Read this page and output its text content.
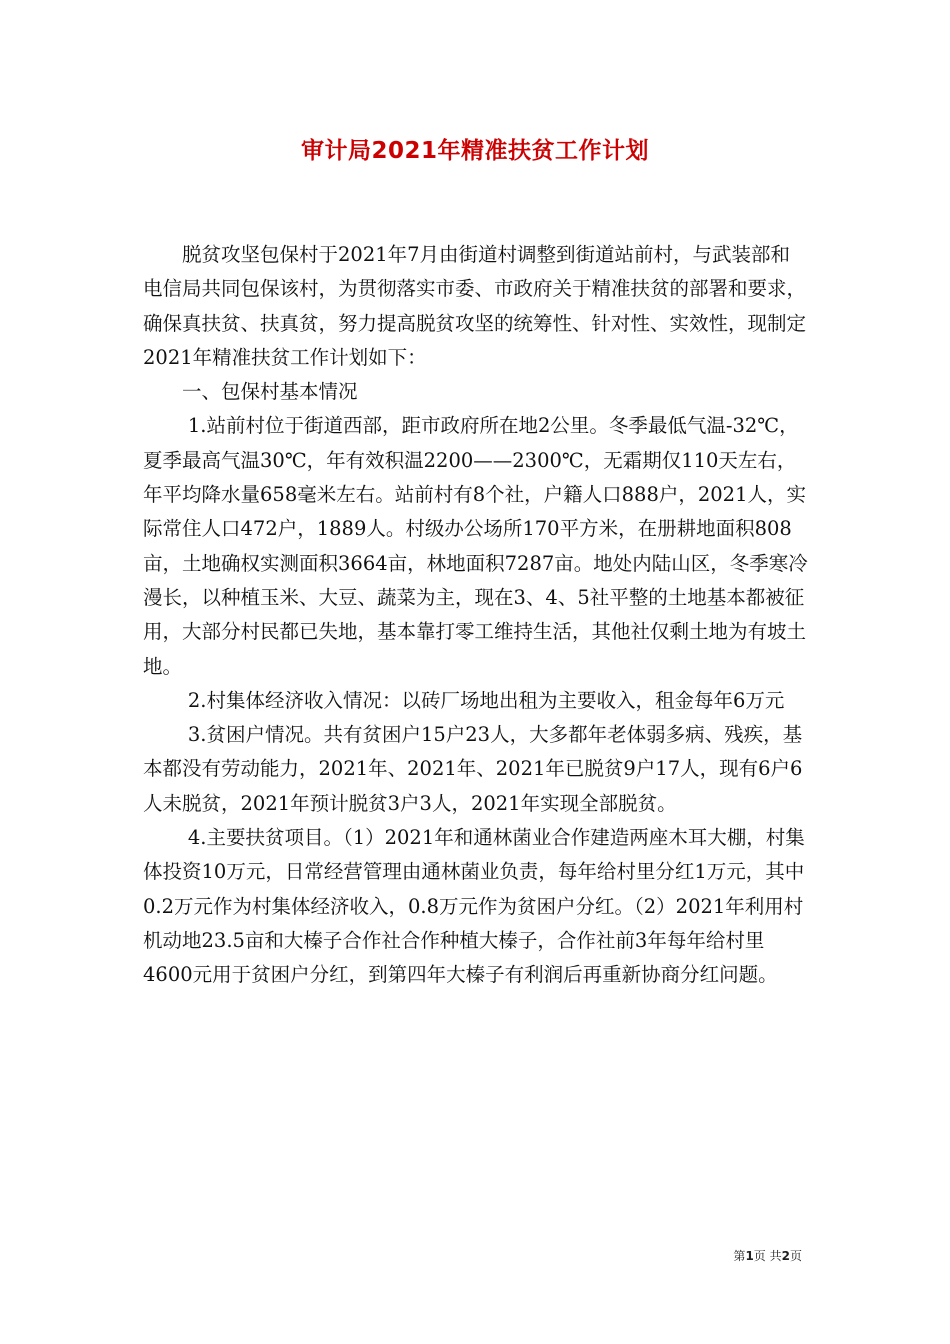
审计局2021年精准扶贫工作计划

脱贫攻坚包保村于2021年7月由街道村调整到街道站前村，与武装部和电信局共同包保该村，为贯彻落实市委、市政府关于精准扶贫的部署和要求，确保真扶贫、扶真贫，努力提高脱贫攻坚的统筹性、针对性、实效性，现制定2021年精准扶贫工作计划如下：

一、包保村基本情况

1.站前村位于街道西部，距市政府所在地2公里。冬季最低气温-32℃，夏季最高气温30℃，年有效积温2200——2300℃，无霜期仅110天左右，年平均降水量658毫米左右。站前村有8个社，户籍人口888户，2021人，实际常住人口472户，1889人。村级办公场所170平方米，在册耕地面积808亩，土地确权实测面积3664亩，林地面积7287亩。地处内陆山区，冬季寒冷漫长，以种植玉米、大豆、蔬菜为主，现在3、4、5社平整的土地基本都被征用，大部分村民都已失地，基本靠打零工维持生活，其他社仅剩土地为有坡土地。

2.村集体经济收入情况：以砖厂场地出租为主要收入，租金每年6万元

3.贫困户情况。共有贫困户15户23人，大多都年老体弱多病、残疾，基本都没有劳动能力，2021年、2021年、2021年已脱贫9户17人，现有6户6人未脱贫，2021年预计脱贫3户3人，2021年实现全部脱贫。

4.主要扶贫项目。（1）2021年和通林菌业合作建造两座木耳大棚，村集体投资10万元，日常经营管理由通林菌业负责，每年给村里分红1万元，其中0.2万元作为村集体经济收入，0.8万元作为贫困户分红。（2）2021年利用村机动地23.5亩和大榛子合作社合作种植大榛子，合作社前3年每年给村里4600元用于贫困户分红，到第四年大榛子有利润后再重新协商分红问题。

第1页 共2页
